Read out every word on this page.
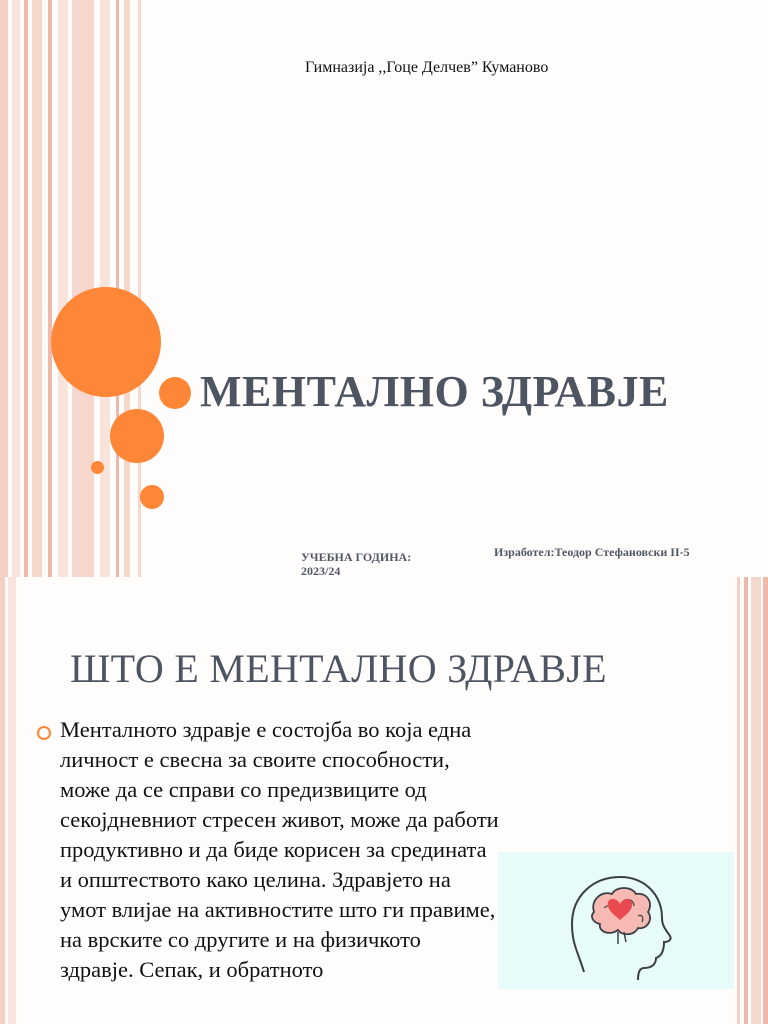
Гимназија ,,Гоце Делчев” Куманово
МЕНТАЛНО ЗДРАВЈЕ
УЧЕБНА ГОДИНА:
2023/24
Изработел:Теодор Стефановски II-5
ШТО Е МЕНТАЛНО ЗДРАВЈЕ
Менталното здравје е состојба во која една личност е свесна за своите способности, може да се справи со предизвиците од секојдневниот стресен живот, може да работи продуктивно и да биде корисен за средината и општеството како целина. Здравјето на умот влијае на активностите што ги правиме, на врските со другите и на физичкото здравје. Сепак, и обратното
